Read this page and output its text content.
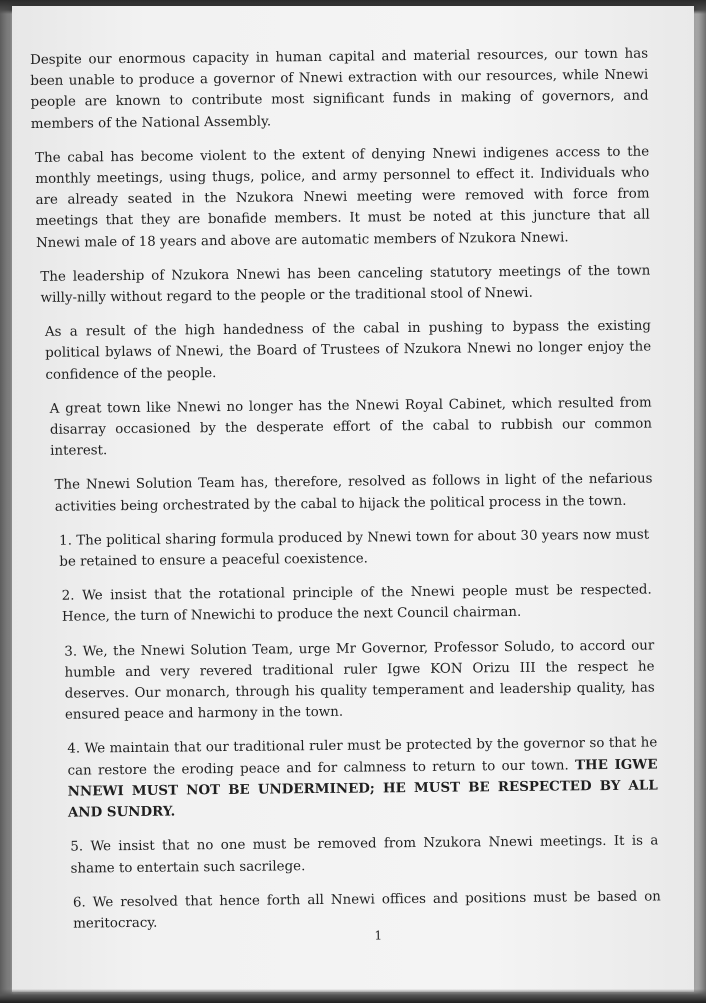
Despite our enormous capacity in human capital and material resources, our town has been unable to produce a governor of Nnewi extraction with our resources, while Nnewi people are known to contribute most significant funds in making of governors, and members of the National Assembly.

The cabal has become violent to the extent of denying Nnewi indigenes access to the monthly meetings, using thugs, police, and army personnel to effect it. Individuals who are already seated in the Nzukora Nnewi meeting were removed with force from meetings that they are bonafide members. It must be noted at this juncture that all Nnewi male of 18 years and above are automatic members of Nzukora Nnewi.

The leadership of Nzukora Nnewi has been canceling statutory meetings of the town willy-nilly without regard to the people or the traditional stool of Nnewi.

As a result of the high handedness of the cabal in pushing to bypass the existing political bylaws of Nnewi, the Board of Trustees of Nzukora Nnewi no longer enjoy the confidence of the people.

A great town like Nnewi no longer has the Nnewi Royal Cabinet, which resulted from disarray occasioned by the desperate effort of the cabal to rubbish our common interest.

The Nnewi Solution Team has, therefore, resolved as follows in light of the nefarious activities being orchestrated by the cabal to hijack the political process in the town.

1. The political sharing formula produced by Nnewi town for about 30 years now must be retained to ensure a peaceful coexistence.

2. We insist that the rotational principle of the Nnewi people must be respected. Hence, the turn of Nnewichi to produce the next Council chairman.

3. We, the Nnewi Solution Team, urge Mr Governor, Professor Soludo, to accord our humble and very revered traditional ruler Igwe KON Orizu III the respect he deserves. Our monarch, through his quality temperament and leadership quality, has ensured peace and harmony in the town.

4. We maintain that our traditional ruler must be protected by the governor so that he can restore the eroding peace and for calmness to return to our town. THE IGWE NNEWI MUST NOT BE UNDERMINED; HE MUST BE RESPECTED BY ALL AND SUNDRY.

5. We insist that no one must be removed from Nzukora Nnewi meetings. It is a shame to entertain such sacrilege.

6. We resolved that hence forth all Nnewi offices and positions must be based on meritocracy.

1
